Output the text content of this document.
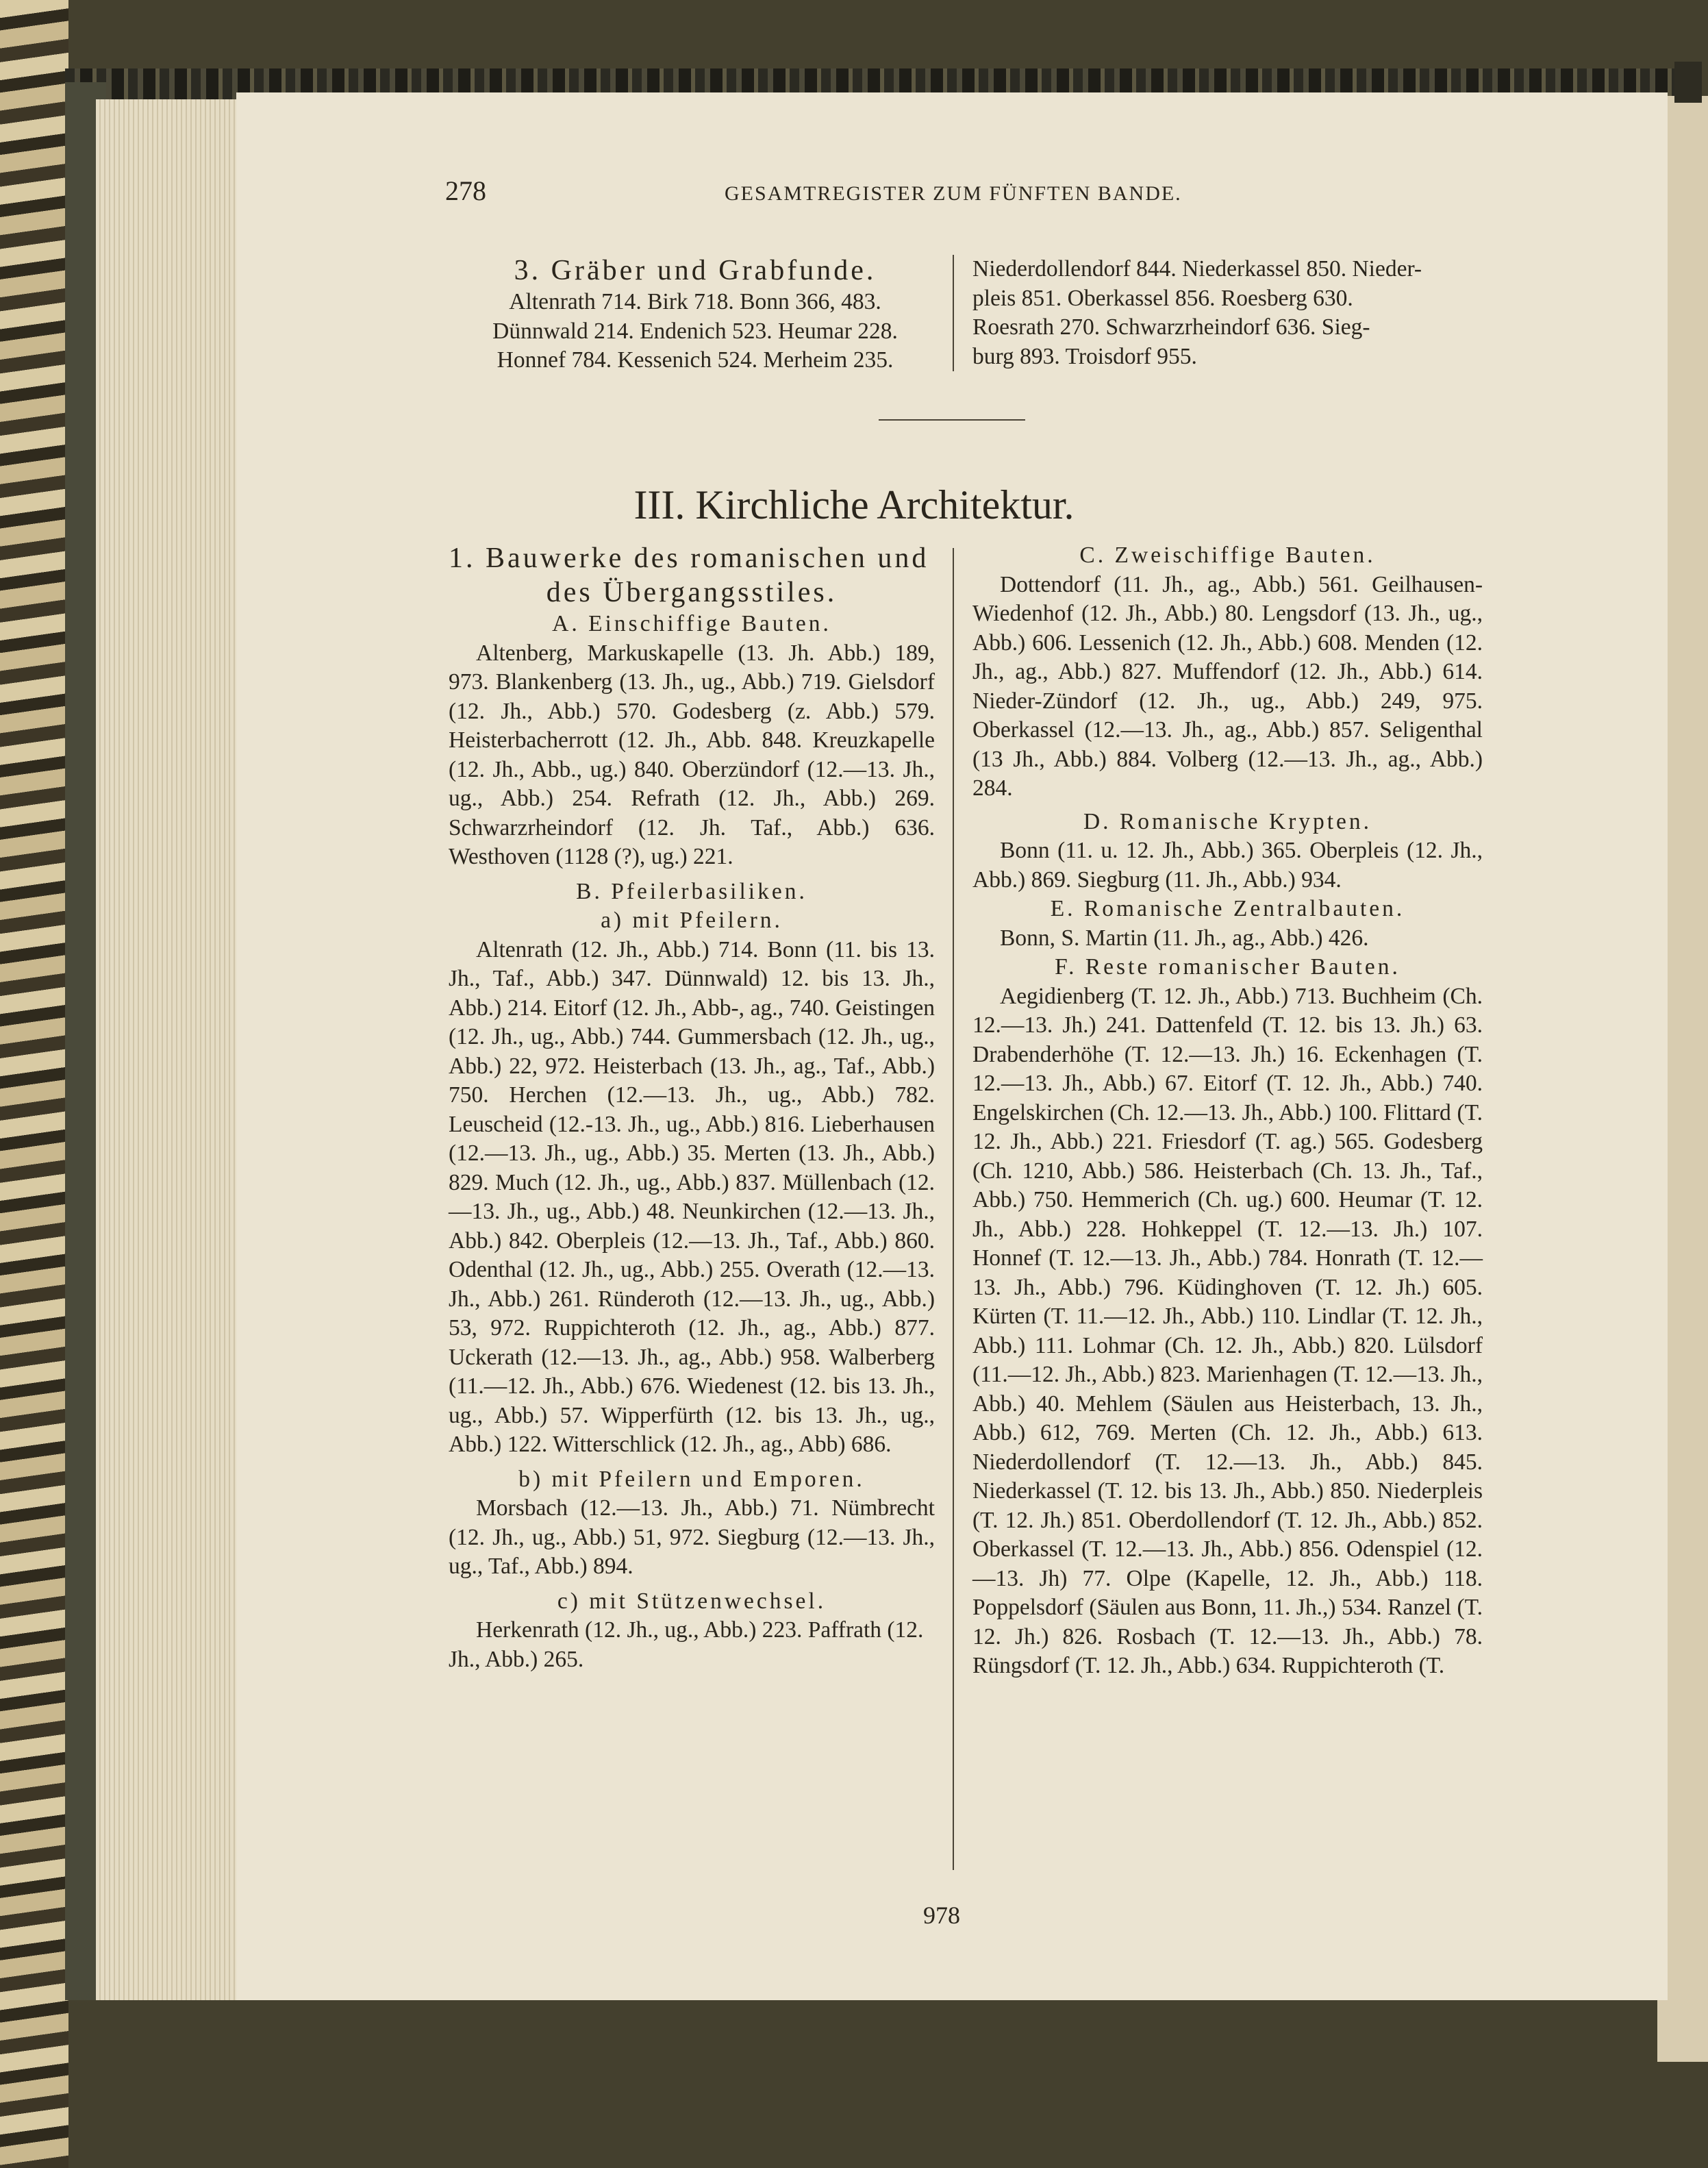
278	GESAMTREGISTER ZUM FÜNFTEN BANDE.

3. Gräber und Grabfunde.

Altenrath 714. Birk 718. Bonn 366, 483.

Dünnwald 214. Endenich 523. Heumar 228.

Honnef 784. Kessenich 524. Merheim 235.

Niederdollendorf 844. Niederkassel 850. Nieder-

pleis 851. Oberkassel 856. Roesberg 630.

Roesrath 270. Schwarzrheindorf 636. Sieg-

burg 893. Troisdorf 955.

III. Kirchliche Architektur.

1. Bauwerke des romanischen und

des Übergangsstiles.

A. Einschiffige Bauten.

Altenberg, Markuskapelle (13. Jh. Abb.) 189, 973. Blankenberg (13. Jh., ug., Abb.) 719. Gielsdorf (12. Jh., Abb.) 570. Godesberg (z. Abb.) 579. Heisterbacherrott (12. Jh., Abb. 848. Kreuzkapelle (12. Jh., Abb., ug.) 840. Oberzündorf (12.—13. Jh., ug., Abb.) 254. Refrath (12. Jh., Abb.) 269. Schwarzrheindorf (12. Jh. Taf., Abb.) 636. Westhoven (1128 (?), ug.) 221.

B. Pfeilerbasiliken.

a) mit Pfeilern.

Altenrath (12. Jh., Abb.) 714. Bonn (11. bis 13. Jh., Taf., Abb.) 347. Dünnwald) 12. bis 13. Jh., Abb.) 214. Eitorf (12. Jh., Abb-, ag., 740. Geistingen (12. Jh., ug., Abb.) 744. Gummersbach (12. Jh., ug., Abb.) 22, 972. Heisterbach (13. Jh., ag., Taf., Abb.) 750. Herchen (12.—13. Jh., ug., Abb.) 782. Leuscheid (12.-13. Jh., ug., Abb.) 816. Lieberhausen (12.—13. Jh., ug., Abb.) 35. Merten (13. Jh., Abb.) 829. Much (12. Jh., ug., Abb.) 837. Müllenbach (12.—13. Jh., ug., Abb.) 48. Neunkirchen (12.—13. Jh., Abb.) 842. Oberpleis (12.—13. Jh., Taf., Abb.) 860. Odenthal (12. Jh., ug., Abb.) 255. Overath (12.—13. Jh., Abb.) 261. Ründeroth (12.—13. Jh., ug., Abb.) 53, 972. Ruppichteroth (12. Jh., ag., Abb.) 877. Uckerath (12.—13. Jh., ag., Abb.) 958. Walberberg (11.—12. Jh., Abb.) 676. Wiedenest (12. bis 13. Jh., ug., Abb.) 57. Wipperfürth (12. bis 13. Jh., ug., Abb.) 122. Witterschlick (12. Jh., ag., Abb) 686.

b) mit Pfeilern und Emporen.

Morsbach (12.—13. Jh., Abb.) 71. Nümbrecht (12. Jh., ug., Abb.) 51, 972. Siegburg (12.—13. Jh., ug., Taf., Abb.) 894.

c) mit Stützenwechsel.

Herkenrath (12. Jh., ug., Abb.) 223. Paffrath (12. Jh., Abb.) 265.

C. Zweischiffige Bauten.

Dottendorf (11. Jh., ag., Abb.) 561. Geilhausen-Wiedenhof (12. Jh., Abb.) 80. Lengsdorf (13. Jh., ug., Abb.) 606. Lessenich (12. Jh., Abb.) 608. Menden (12. Jh., ag., Abb.) 827. Muffendorf (12. Jh., Abb.) 614. Nieder-Zündorf (12. Jh., ug., Abb.) 249, 975. Oberkassel (12.—13. Jh., ag., Abb.) 857. Seligenthal (13 Jh., Abb.) 884. Volberg (12.—13. Jh., ag., Abb.) 284.

D. Romanische Krypten.

Bonn (11. u. 12. Jh., Abb.) 365. Oberpleis (12. Jh., Abb.) 869. Siegburg (11. Jh., Abb.) 934.

E. Romanische Zentralbauten.

Bonn, S. Martin (11. Jh., ag., Abb.) 426.

F. Reste romanischer Bauten.

Aegidienberg (T. 12. Jh., Abb.) 713. Buchheim (Ch. 12.—13. Jh.) 241. Dattenfeld (T. 12. bis 13. Jh.) 63. Drabenderhöhe (T. 12.—13. Jh.) 16. Eckenhagen (T. 12.—13. Jh., Abb.) 67. Eitorf (T. 12. Jh., Abb.) 740. Engelskirchen (Ch. 12.—13. Jh., Abb.) 100. Flittard (T. 12. Jh., Abb.) 221. Friesdorf (T. ag.) 565. Godesberg (Ch. 1210, Abb.) 586. Heisterbach (Ch. 13. Jh., Taf., Abb.) 750. Hemmerich (Ch. ug.) 600. Heumar (T. 12. Jh., Abb.) 228. Hohkeppel (T. 12.—13. Jh.) 107. Honnef (T. 12.—13. Jh., Abb.) 784. Honrath (T. 12.—13. Jh., Abb.) 796. Küdinghoven (T. 12. Jh.) 605. Kürten (T. 11.—12. Jh., Abb.) 110. Lindlar (T. 12. Jh., Abb.) 111. Lohmar (Ch. 12. Jh., Abb.) 820. Lülsdorf (11.—12. Jh., Abb.) 823. Marienhagen (T. 12.—13. Jh., Abb.) 40. Mehlem (Säulen aus Heisterbach, 13. Jh., Abb.) 612, 769. Merten (Ch. 12. Jh., Abb.) 613. Niederdollendorf (T. 12.—13. Jh., Abb.) 845. Niederkassel (T. 12. bis 13. Jh., Abb.) 850. Niederpleis (T. 12. Jh.) 851. Oberdollendorf (T. 12. Jh., Abb.) 852. Oberkassel (T. 12.—13. Jh., Abb.) 856. Odenspiel (12.—13. Jh) 77. Olpe (Kapelle, 12. Jh., Abb.) 118. Poppelsdorf (Säulen aus Bonn, 11. Jh.,) 534. Ranzel (T. 12. Jh.) 826. Rosbach (T. 12.—13. Jh., Abb.) 78. Rüngsdorf (T. 12. Jh., Abb.) 634. Ruppichteroth (T.

978
